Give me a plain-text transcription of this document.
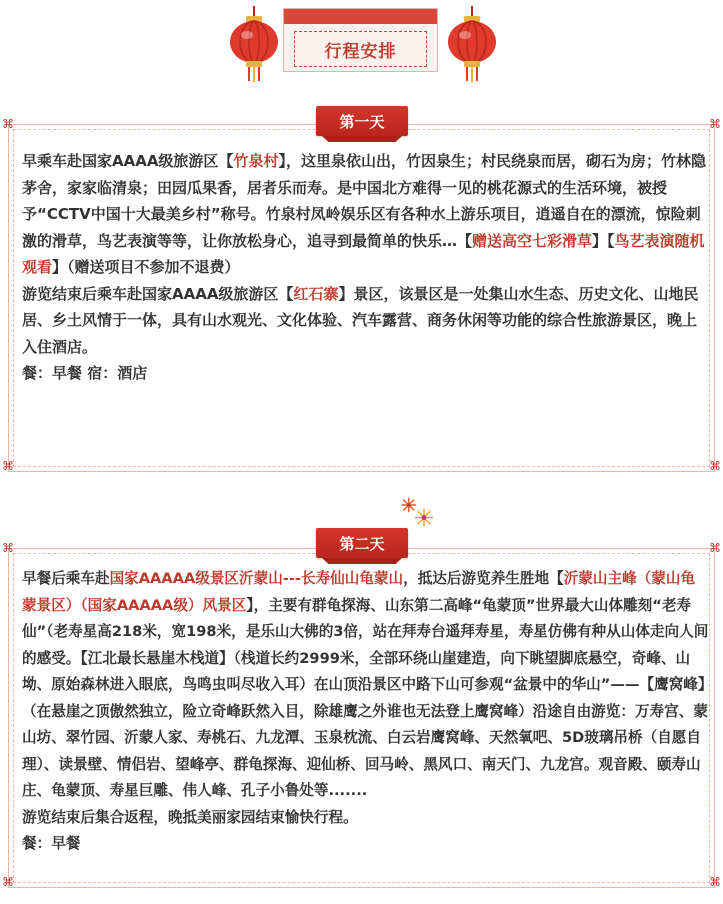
行程安排
⌘	⌘
⌘	⌘
第一天

早乘车赴国家AAAA级旅游区【竹泉村】，这里泉依山出，竹因泉生；村民绕泉而居，砌石为房；竹林隐茅舍，家家临清泉；田园瓜果香，居者乐而寿。是中国北方难得一见的桃花源式的生活环境，被授予“CCTV中国十大最美乡村”称号。竹泉村凤岭娱乐区有各种水上游乐项目，逍遥自在的漂流，惊险刺激的滑草，鸟艺表演等等，让你放松身心，追寻到最简单的快乐…【赠送高空七彩滑草】【鸟艺表演随机观看】（赠送项目不参加不退费）

游览结束后乘车赴国家AAAA级旅游区【红石寨】景区，该景区是一处集山水生态、历史文化、山地民居、乡土风情于一体，具有山水观光、文化体验、汽车露营、商务休闲等功能的综合性旅游景区，晚上入住酒店。

餐：早餐 宿：酒店

⌘	⌘
⌘	⌘
第二天

早餐后乘车赴国家AAAAA级景区沂蒙山---长寿仙山龟蒙山，抵达后游览养生胜地【沂蒙山主峰（蒙山龟蒙景区）（国家AAAAA级）风景区】，主要有群龟探海、山东第二高峰“龟蒙顶”世界最大山体雕刻“老寿仙”（老寿星高218米，宽198米，是乐山大佛的3倍，站在拜寿台遥拜寿星，寿星仿佛有种从山体走向人间的感受。【江北最长悬崖木栈道】（栈道长约2999米，全部环绕山崖建造，向下眺望脚底悬空，奇峰、山坳、原始森林进入眼底，鸟鸣虫叫尽收入耳）在山顶沿景区中路下山可参观“盆景中的华山”——【鹰窝峰】（在悬崖之顶傲然独立，险立奇峰跃然入目，除雄鹰之外谁也无法登上鹰窝峰）沿途自由游览：万寿宫、蒙山坊、翠竹园、沂蒙人家、寿桃石、九龙潭、玉泉枕流、白云岩鹰窝峰、天然氧吧、5D玻璃吊桥（自愿自理）、读景壁、情侣岩、望峰亭、群龟探海、迎仙桥、回马岭、黑风口、南天门、九龙宫。观音殿、颐寿山庄、龟蒙顶、寿星巨雕、伟人峰、孔子小鲁处等.......

游览结束后集合返程，晚抵美丽家园结束愉快行程。

餐：早餐
